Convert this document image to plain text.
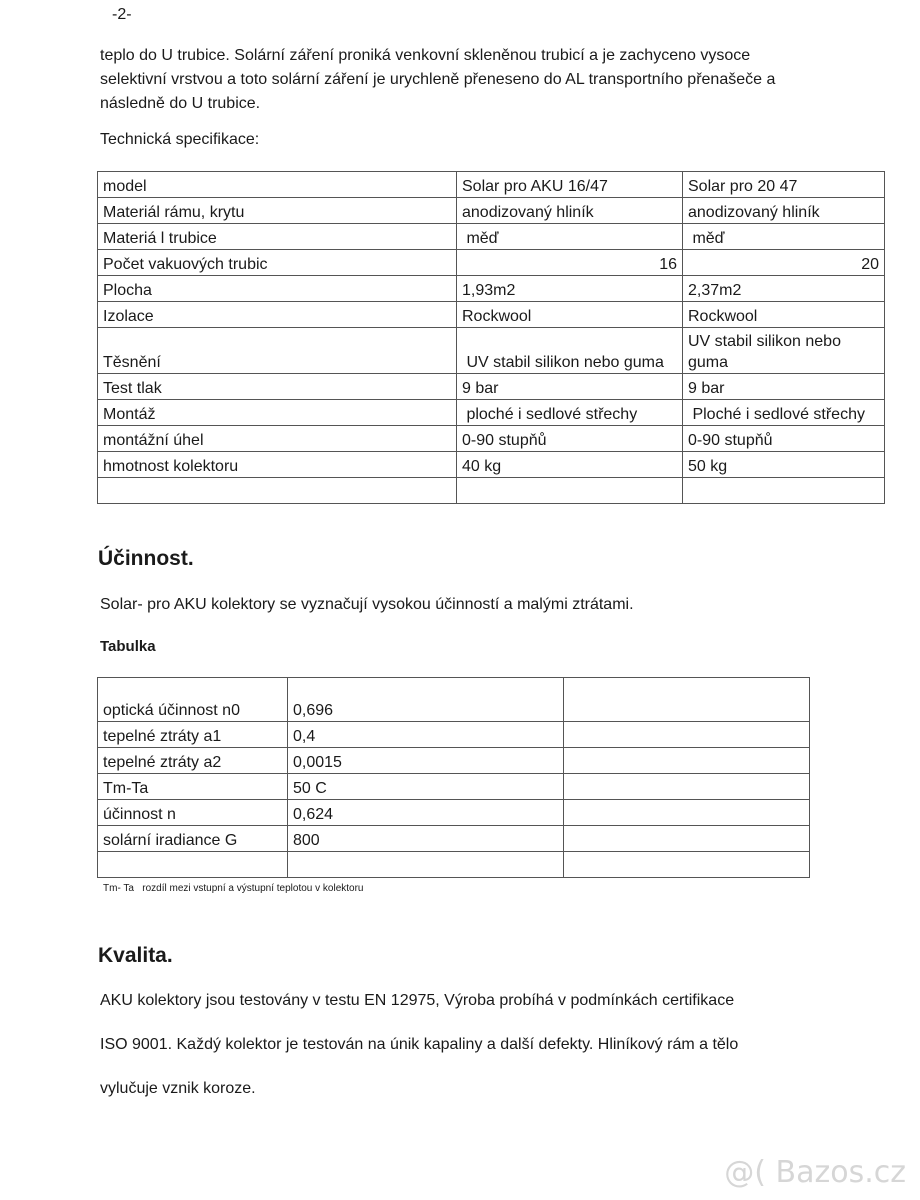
-2-
teplo do U trubice. Solární záření proniká venkovní skleněnou trubicí a je zachyceno vysoce
selektivní vrstvou a toto solární záření je urychleně přeneseno do AL transportního přenašeče a
následně do U trubice.
Technická specifikace:
model	Solar pro AKU 16/47	Solar pro 20 47
Materiál rámu, krytu	anodizovaný hliník	anodizovaný hliník
Materiá l trubice	měď	měď
Počet vakuových trubic	16	20
Plocha	1,93m2	2,37m2
Izolace	Rockwool	Rockwool
Těsnění	UV stabil silikon nebo guma	UV stabil silikon nebo guma
Test tlak	9 bar	9 bar
Montáž	ploché i sedlové střechy	Ploché i sedlové střechy
montážní úhel	0-90 stupňů	0-90 stupňů
hmotnost kolektoru	40 kg	50 kg

Účinnost.
Solar- pro AKU kolektory se vyznačují vysokou účinností a malými ztrátami.
Tabulka
optická účinnost n0	0,696	
tepelné ztráty a1	0,4	
tepelné ztráty a2	0,0015	
Tm-Ta	50 C	
účinnost n	0,624	
solární iradiance G	800	

Tm- Ta   rozdíl mezi vstupní a výstupní teplotou v kolektoru
Kvalita.
AKU kolektory jsou testovány v testu EN 12975, Výroba probíhá v podmínkách certifikace
ISO 9001. Každý kolektor je testován na únik kapaliny a další defekty. Hliníkový rám a tělo
vylučuje vznik koroze.
@( Bazos.cz
